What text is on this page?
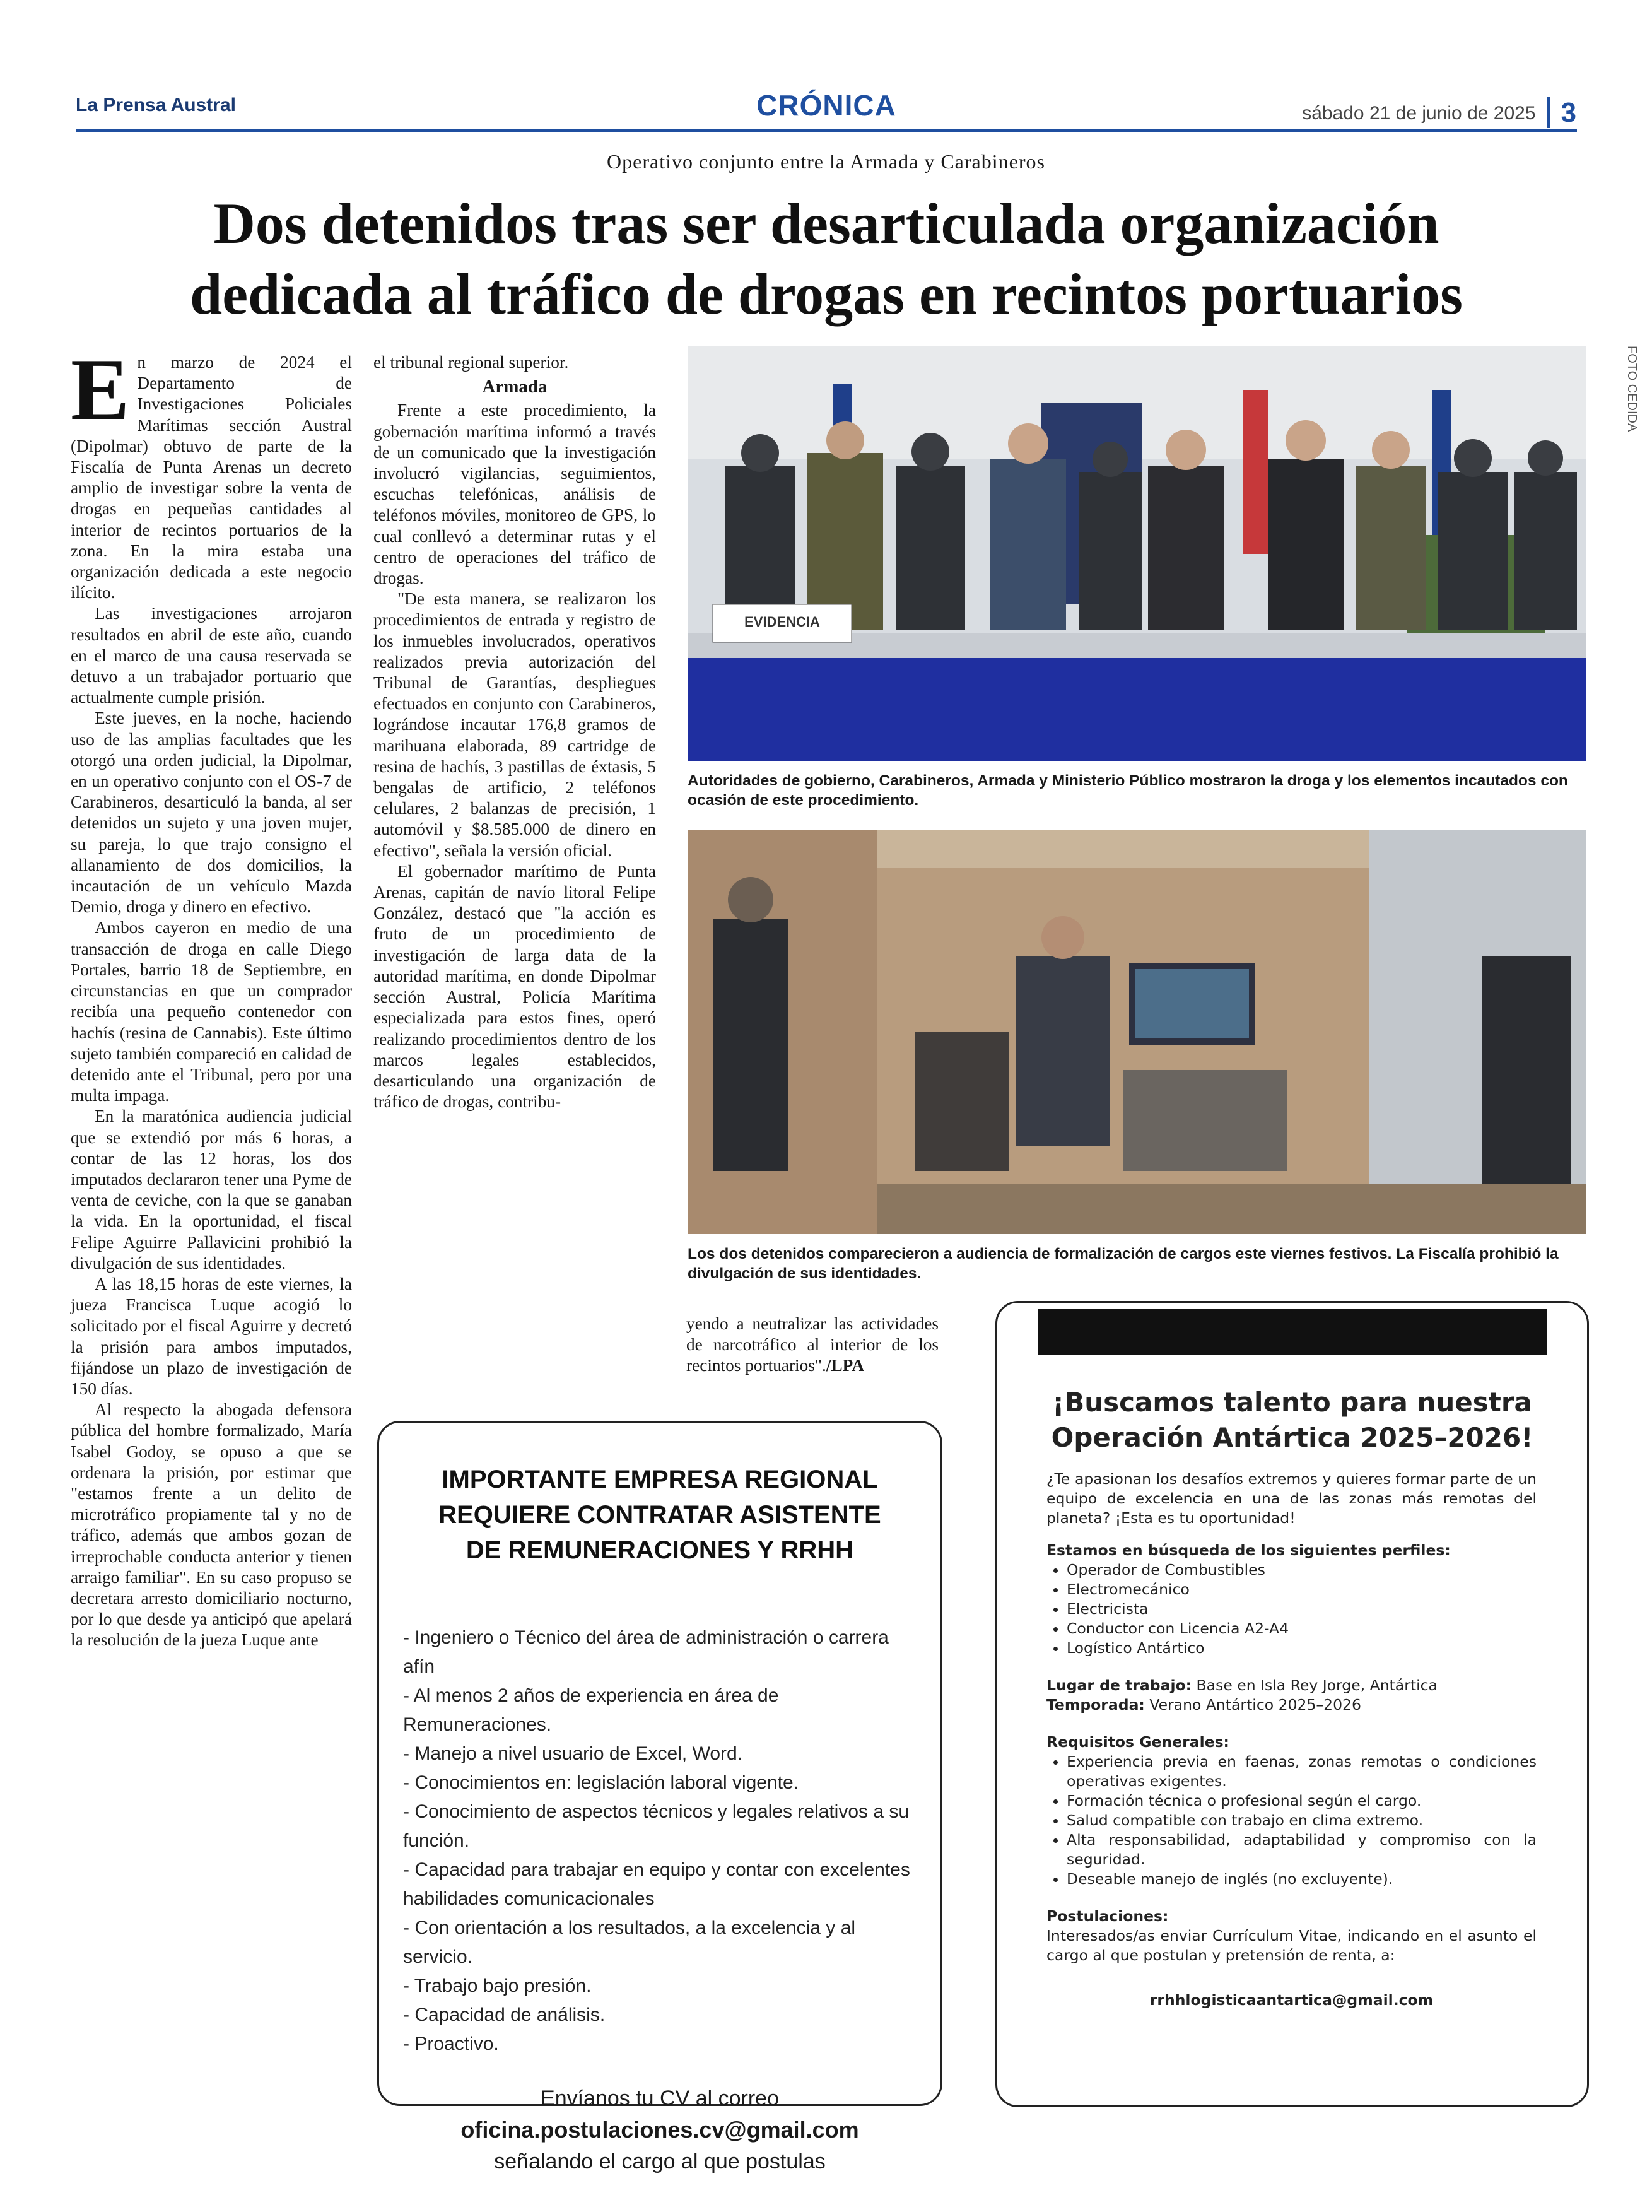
La Prensa Austral	CRÓNICA	sábado 21 de junio de 2025 3
Operativo conjunto entre la Armada y Carabineros
Dos detenidos tras ser desarticulada organización
dedicada al tráfico de drogas en recintos portuarios
E n marzo de 2024 el Departamento de Investigaciones Policiales Marítimas sección Austral (Dipolmar) obtuvo de parte de la Fiscalía de Punta Arenas un decreto amplio de investigar sobre la venta de drogas en pequeñas cantidades al interior de recintos portuarios de la zona. En la mira estaba una organización dedicada a este negocio ilícito.

Las investigaciones arrojaron resultados en abril de este año, cuando en el marco de una causa reservada se detuvo a un trabajador portuario que actualmente cumple prisión.

Este jueves, en la noche, haciendo uso de las amplias facultades que les otorgó una orden judicial, la Dipolmar, en un operativo conjunto con el OS-7 de Carabineros, desarticuló la banda, al ser detenidos un sujeto y una joven mujer, su pareja, lo que trajo consigno el allanamiento de dos domicilios, la incautación de un vehículo Mazda Demio, droga y dinero en efectivo.

Ambos cayeron en medio de una transacción de droga en calle Diego Portales, barrio 18 de Septiembre, en circunstancias en que un comprador recibía una pequeño contenedor con hachís (resina de Cannabis). Este último sujeto también compareció en calidad de detenido ante el Tribunal, pero por una multa impaga.

En la maratónica audiencia judicial que se extendió por más 6 horas, a contar de las 12 horas, los dos imputados declararon tener una Pyme de venta de ceviche, con la que se ganaban la vida. En la oportunidad, el fiscal Felipe Aguirre Pallavicini prohibió la divulgación de sus identidades.

A las 18,15 horas de este viernes, la jueza Francisca Luque acogió lo solicitado por el fiscal Aguirre y decretó la prisión para ambos imputados, fijándose un plazo de investigación de 150 días.

Al respecto la abogada defensora pública del hombre formalizado, María Isabel Godoy, se opuso a que se ordenara la prisión, por estimar que "estamos frente a un delito de microtráfico propiamente tal y no de tráfico, además que ambos gozan de irreprochable conducta anterior y tienen arraigo familiar". En su caso propuso se decretara arresto domiciliario nocturno, por lo que desde ya anticipó que apelará la resolución de la jueza Luque ante

el tribunal regional superior.

Armada

Frente a este procedimiento, la gobernación marítima informó a través de un comunicado que la investigación involucró vigilancias, seguimientos, escuchas telefónicas, análisis de teléfonos móviles, monitoreo de GPS, lo cual conllevó a determinar rutas y el centro de operaciones del tráfico de drogas.

"De esta manera, se realizaron los procedimientos de entrada y registro de los inmuebles involucrados, operativos realizados previa autorización del Tribunal de Garantías, despliegues efectuados en conjunto con Carabineros, lográndose incautar 176,8 gramos de marihuana elaborada, 89 cartridge de resina de hachís, 3 pastillas de éxtasis, 5 bengalas de artificio, 2 teléfonos celulares, 2 balanzas de precisión, 1 automóvil y $8.585.000 de dinero en efectivo", señala la versión oficial.

El gobernador marítimo de Punta Arenas, capitán de navío litoral Felipe González, destacó que "la acción es fruto de un procedimiento de investigación de larga data de la autoridad marítima, en donde Dipolmar sección Austral, Policía Marítima especializada para estos fines, operó realizando procedimientos dentro de los marcos legales establecidos, desarticulando una organización de tráfico de drogas, contribu-

yendo a neutralizar las actividades de narcotráfico al interior de los recintos portuarios"./LPA

EVIDENCIA
FOTO CEDIDA
Autoridades de gobierno, Carabineros, Armada y Ministerio Público mostraron la droga y los elementos incautados con ocasión de este procedimiento.
Los dos detenidos comparecieron a audiencia de formalización de cargos este viernes festivos. La Fiscalía prohibió la divulgación de sus identidades.
IMPORTANTE EMPRESA REGIONAL
REQUIERE CONTRATAR ASISTENTE
DE REMUNERACIONES Y RRHH
- Ingeniero o Técnico del área de administración o carrera afín
- Al menos 2 años de experiencia en área de Remuneraciones.
- Manejo a nivel usuario de Excel, Word.
- Conocimientos en: legislación laboral vigente.
- Conocimiento de aspectos técnicos y legales relativos a su función.
- Capacidad para trabajar en equipo y contar con excelentes habilidades comunicacionales
- Con orientación a los resultados, a la excelencia y al servicio.
- Trabajo bajo presión.
- Capacidad de análisis.
- Proactivo.
Envíanos tu CV al correo
oficina.postulaciones.cv@gmail.com
señalando el cargo al que postulas
¡Buscamos talento para nuestra
Operación Antártica 2025–2026!
¿Te apasionan los desafíos extremos y quieres formar parte de un equipo de excelencia en una de las zonas más remotas del planeta? ¡Esta es tu oportunidad!
Estamos en búsqueda de los siguientes perfiles:
• Operador de Combustibles
• Electromecánico
• Electricista
• Conductor con Licencia A2-A4
• Logístico Antártico
Lugar de trabajo: Base en Isla Rey Jorge, Antártica
Temporada: Verano Antártico 2025–2026
Requisitos Generales:
• Experiencia previa en faenas, zonas remotas o condiciones operativas exigentes.
• Formación técnica o profesional según el cargo.
• Salud compatible con trabajo en clima extremo.
• Alta responsabilidad, adaptabilidad y compromiso con la seguridad.
• Deseable manejo de inglés (no excluyente).
Postulaciones:
Interesados/as enviar Currículum Vitae, indicando en el asunto el cargo al que postulan y pretensión de renta, a:
rrhhlogisticaantartica@gmail.com
